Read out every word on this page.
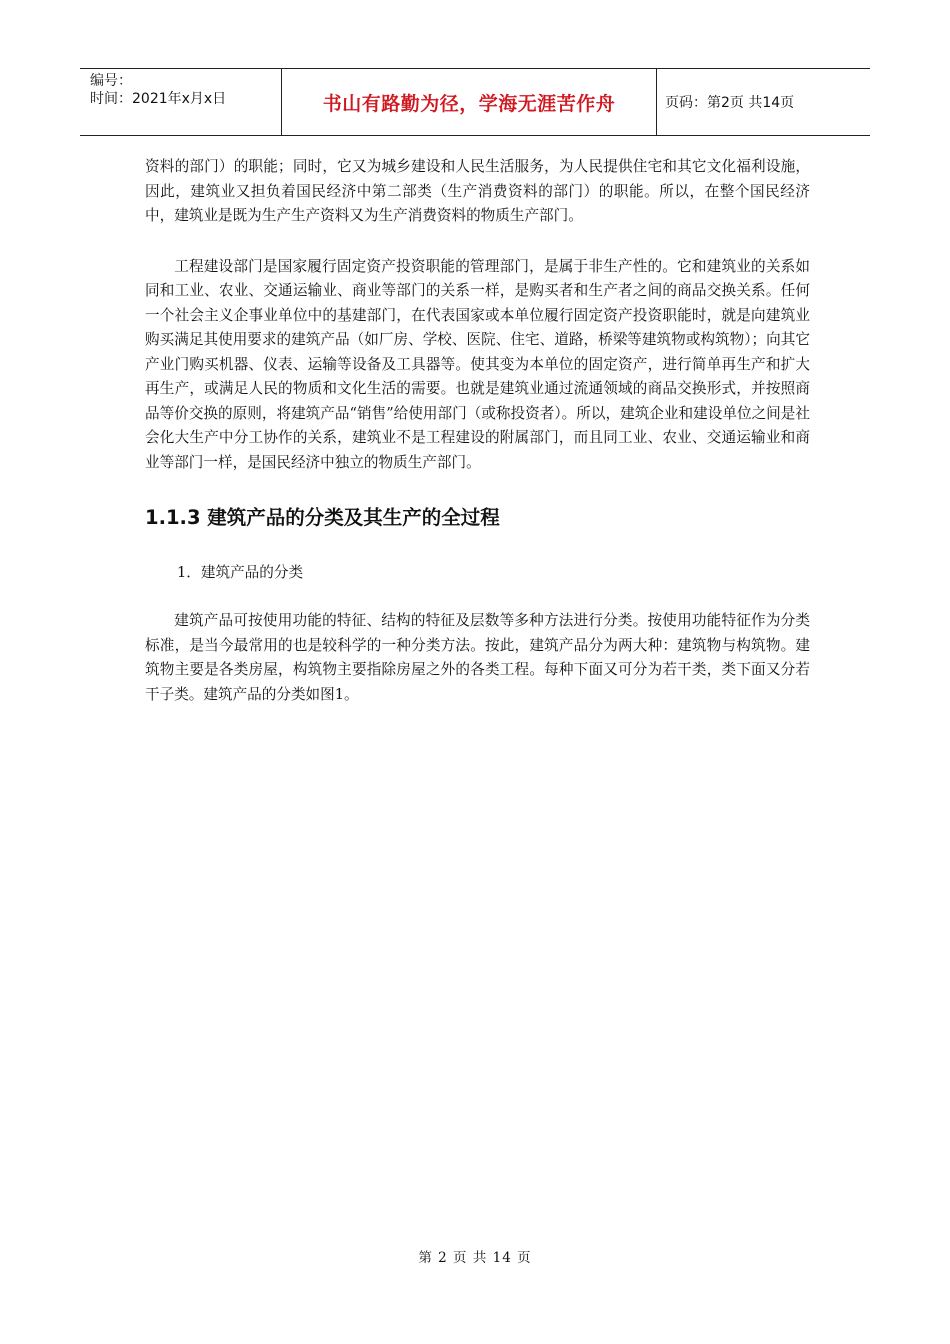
编号：
时间：2021年x月x日	书山有路勤为径，学海无涯苦作舟	页码：第2页 共14页

资料的部门）的职能；同时，它又为城乡建设和人民生活服务，为人民提供住宅和其它文化福利设施，因此，建筑业又担负着国民经济中第二部类（生产消费资料的部门）的职能。所以，在整个国民经济中，建筑业是既为生产生产资料又为生产消费资料的物质生产部门。

工程建设部门是国家履行固定资产投资职能的管理部门，是属于非生产性的。它和建筑业的关系如同和工业、农业、交通运输业、商业等部门的关系一样，是购买者和生产者之间的商品交换关系。任何一个社会主义企事业单位中的基建部门，在代表国家或本单位履行固定资产投资职能时，就是向建筑业购买满足其使用要求的建筑产品（如厂房、学校、医院、住宅、道路，桥梁等建筑物或构筑物）；向其它产业门购买机器、仪表、运输等设备及工具器等。使其变为本单位的固定资产，进行简单再生产和扩大再生产，或满足人民的物质和文化生活的需要。也就是建筑业通过流通领域的商品交换形式，并按照商品等价交换的原则，将建筑产品“销售”给使用部门（或称投资者）。所以，建筑企业和建设单位之间是社会化大生产中分工协作的关系，建筑业不是工程建设的附属部门，而且同工业、农业、交通运输业和商业等部门一样，是国民经济中独立的物质生产部门。

1.1.3 建筑产品的分类及其生产的全过程

1．建筑产品的分类

建筑产品可按使用功能的特征、结构的特征及层数等多种方法进行分类。按使用功能特征作为分类标准，是当今最常用的也是较科学的一种分类方法。按此，建筑产品分为两大种：建筑物与构筑物。建筑物主要是各类房屋，构筑物主要指除房屋之外的各类工程。每种下面又可分为若干类，类下面又分若干子类。建筑产品的分类如图1。

第 2 页 共 14 页
